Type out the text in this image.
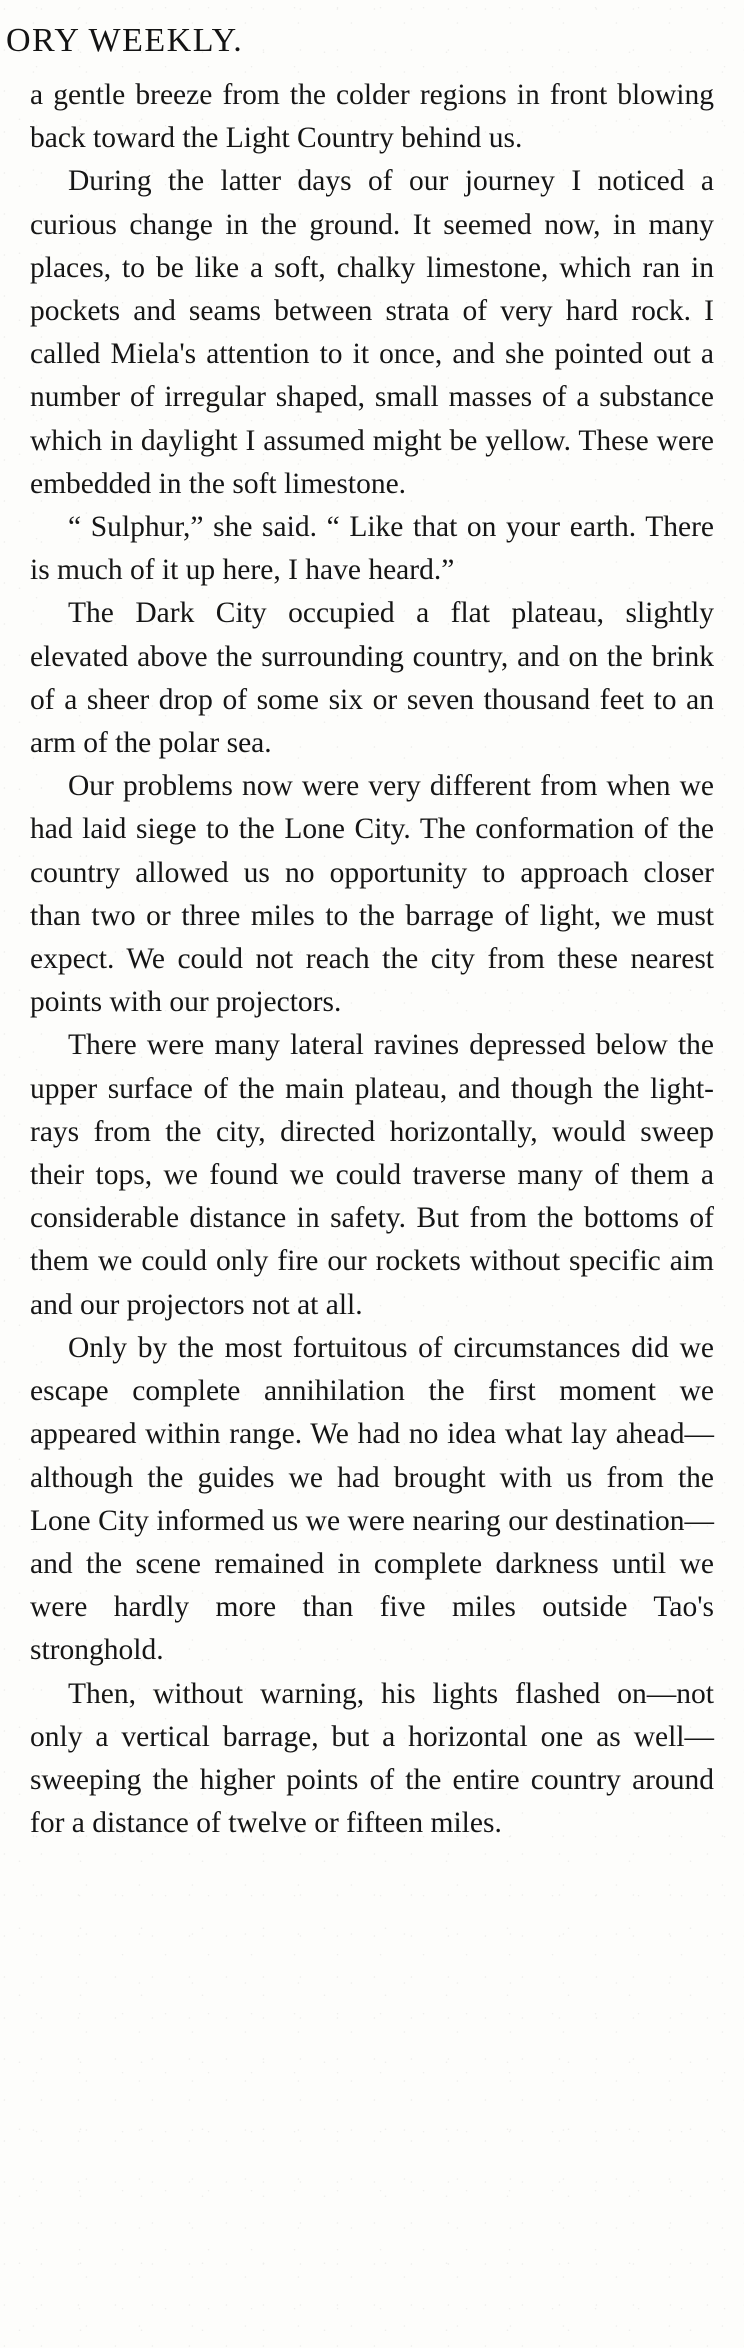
ORY WEEKLY.

a gentle breeze from the colder regions in front blowing back toward the Light Country behind us.

During the latter days of our journey I noticed a curious change in the ground. It seemed now, in many places, to be like a soft, chalky limestone, which ran in pockets and seams between strata of very hard rock. I called Miela's attention to it once, and she pointed out a number of irregular shaped, small masses of a substance which in daylight I assumed might be yellow. These were embedded in the soft limestone.

“ Sulphur,” she said. “ Like that on your earth. There is much of it up here, I have heard.”

The Dark City occupied a flat plateau, slightly elevated above the surrounding country, and on the brink of a sheer drop of some six or seven thousand feet to an arm of the polar sea.

Our problems now were very different from when we had laid siege to the Lone City. The conformation of the country allowed us no opportunity to approach closer than two or three miles to the barrage of light, we must expect. We could not reach the city from these nearest points with our projectors.

There were many lateral ravines depressed below the upper surface of the main plateau, and though the light-rays from the city, directed horizontally, would sweep their tops, we found we could traverse many of them a considerable distance in safety. But from the bottoms of them we could only fire our rockets without specific aim and our projectors not at all.

Only by the most fortuitous of circumstances did we escape complete annihilation the first moment we appeared within range. We had no idea what lay ahead—although the guides we had brought with us from the Lone City informed us we were nearing our destination—and the scene remained in complete darkness until we were hardly more than five miles outside Tao's stronghold.

Then, without warning, his lights flashed on—not only a vertical barrage, but a horizontal one as well—sweeping the higher points of the entire country around for a distance of twelve or fifteen miles.
